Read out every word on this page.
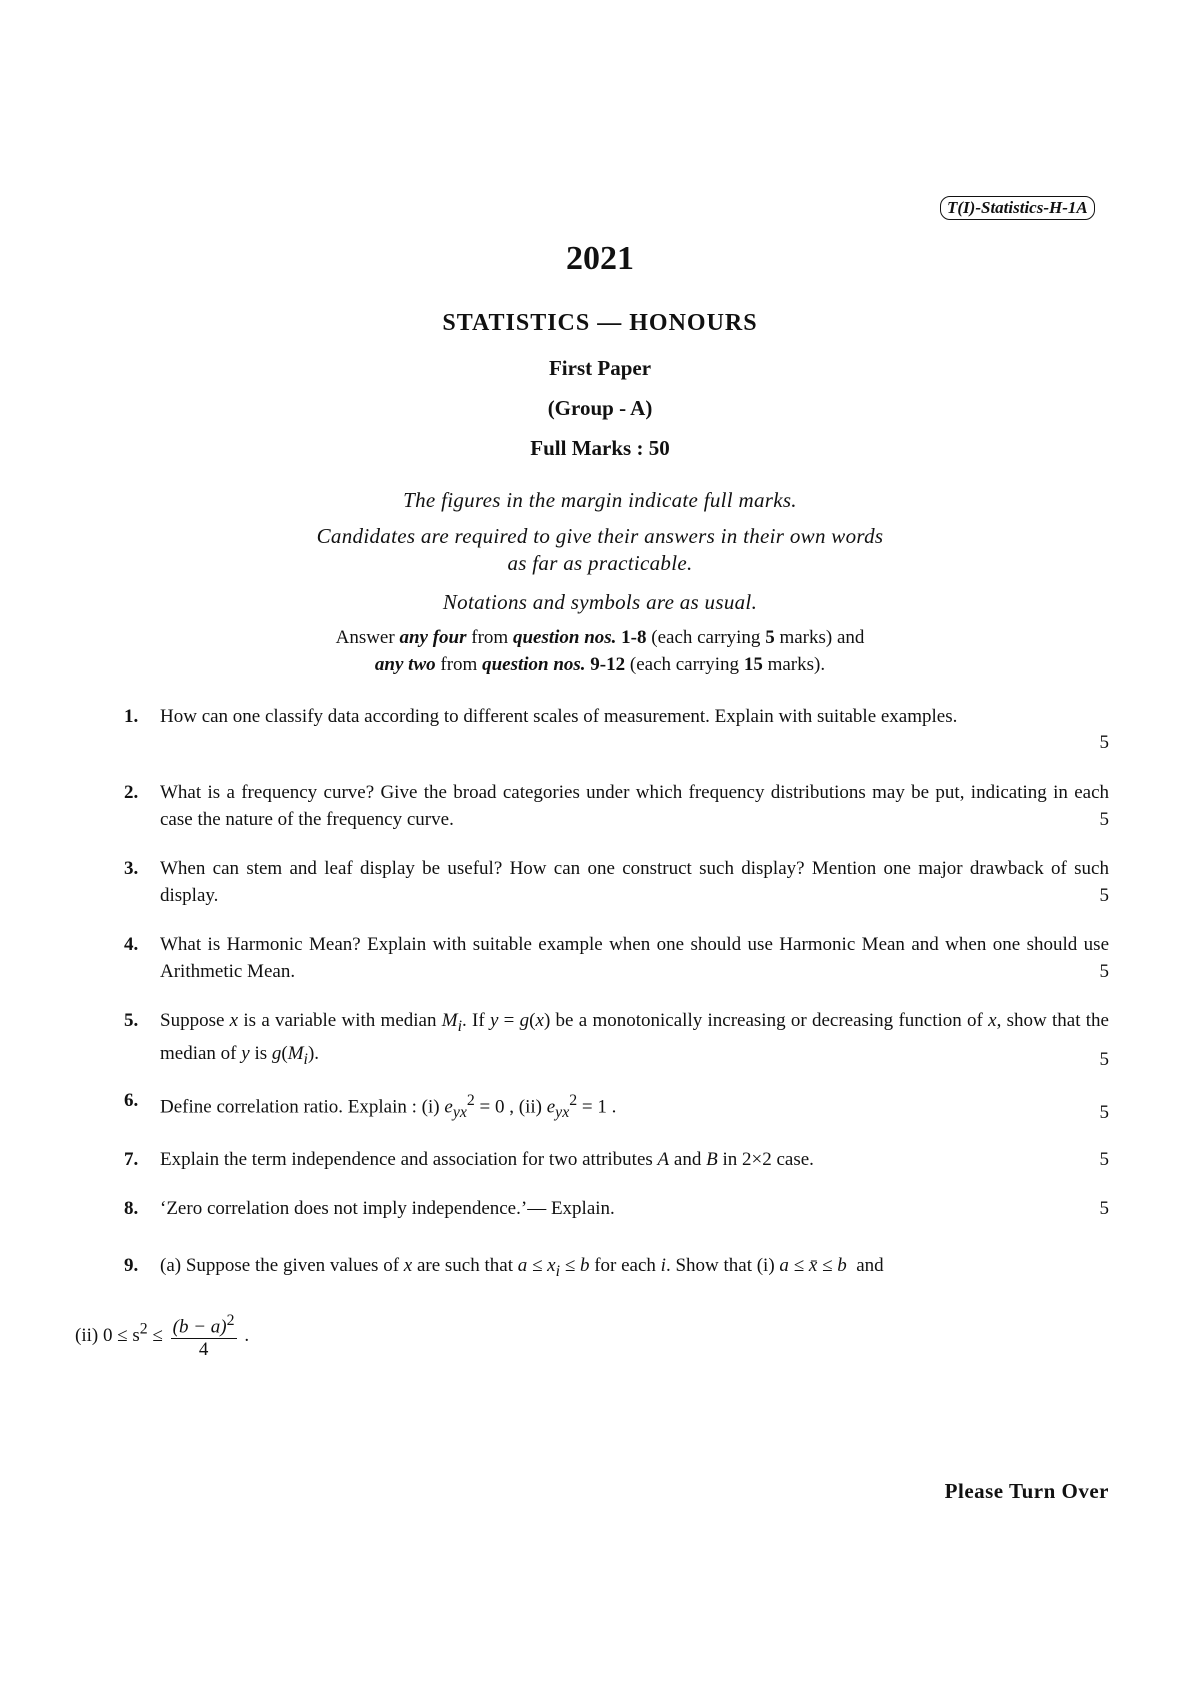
T(I)-Statistics-H-1A
2021
STATISTICS — HONOURS
First Paper
(Group - A)
Full Marks : 50
The figures in the margin indicate full marks.
Candidates are required to give their answers in their own words
as far as practicable.
Notations and symbols are as usual.
Answer any four from question nos. 1-8 (each carrying 5 marks) and
any two from question nos. 9-12 (each carrying 15 marks).
1. How can one classify data according to different scales of measurement. Explain with suitable examples.
5
2. What is a frequency curve? Give the broad categories under which frequency distributions may be put, indicating in each case the nature of the frequency curve.	5
3. When can stem and leaf display be useful? How can one construct such display? Mention one major drawback of such display.	5
4. What is Harmonic Mean? Explain with suitable example when one should use Harmonic Mean and when one should use Arithmetic Mean.	5
5. Suppose x is a variable with median $M_i$. If y = g(x) be a monotonically increasing or decreasing function of x, show that the median of y is $g(M_i)$.	5
6. Define correlation ratio. Explain : (i) $e_{yx}^2 = 0$ , (ii) $e_{yx}^2 = 1$ .	5
7. Explain the term independence and association for two attributes A and B in 2×2 case.	5
8. ‘Zero correlation does not imply independence.’— Explain.	5
9. (a) Suppose the given values of x are such that $a \le x_i \le b$ for each i. Show that (i) a ≤ x̄ ≤ b  and
(ii) $0 \le s^2 \le \frac{(b - a)^2}{4}$ .
Please Turn Over
